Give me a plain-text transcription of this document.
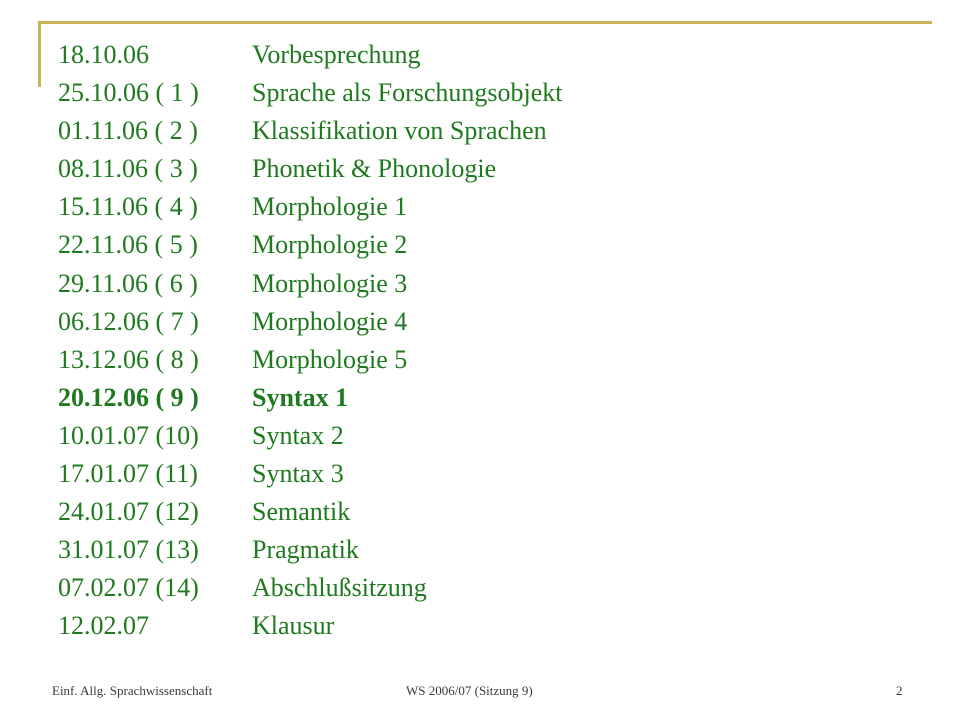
18.10.06	Vorbesprechung
25.10.06 ( 1 )	Sprache als Forschungsobjekt
01.11.06 ( 2 )	Klassifikation von Sprachen
08.11.06 ( 3 )	Phonetik & Phonologie
15.11.06 ( 4 )	Morphologie 1
22.11.06 ( 5 )	Morphologie 2
29.11.06 ( 6 )	Morphologie 3
06.12.06 ( 7 )	Morphologie 4
13.12.06 ( 8 )	Morphologie 5
20.12.06 ( 9 )	Syntax 1
10.01.07 (10)	Syntax 2
17.01.07 (11)	Syntax 3
24.01.07 (12)	Semantik
31.01.07 (13)	Pragmatik
07.02.07 (14)	Abschlußsitzung
12.02.07	Klausur
Einf. Allg. Sprachwissenschaft	WS 2006/07 (Sitzung 9)	2
